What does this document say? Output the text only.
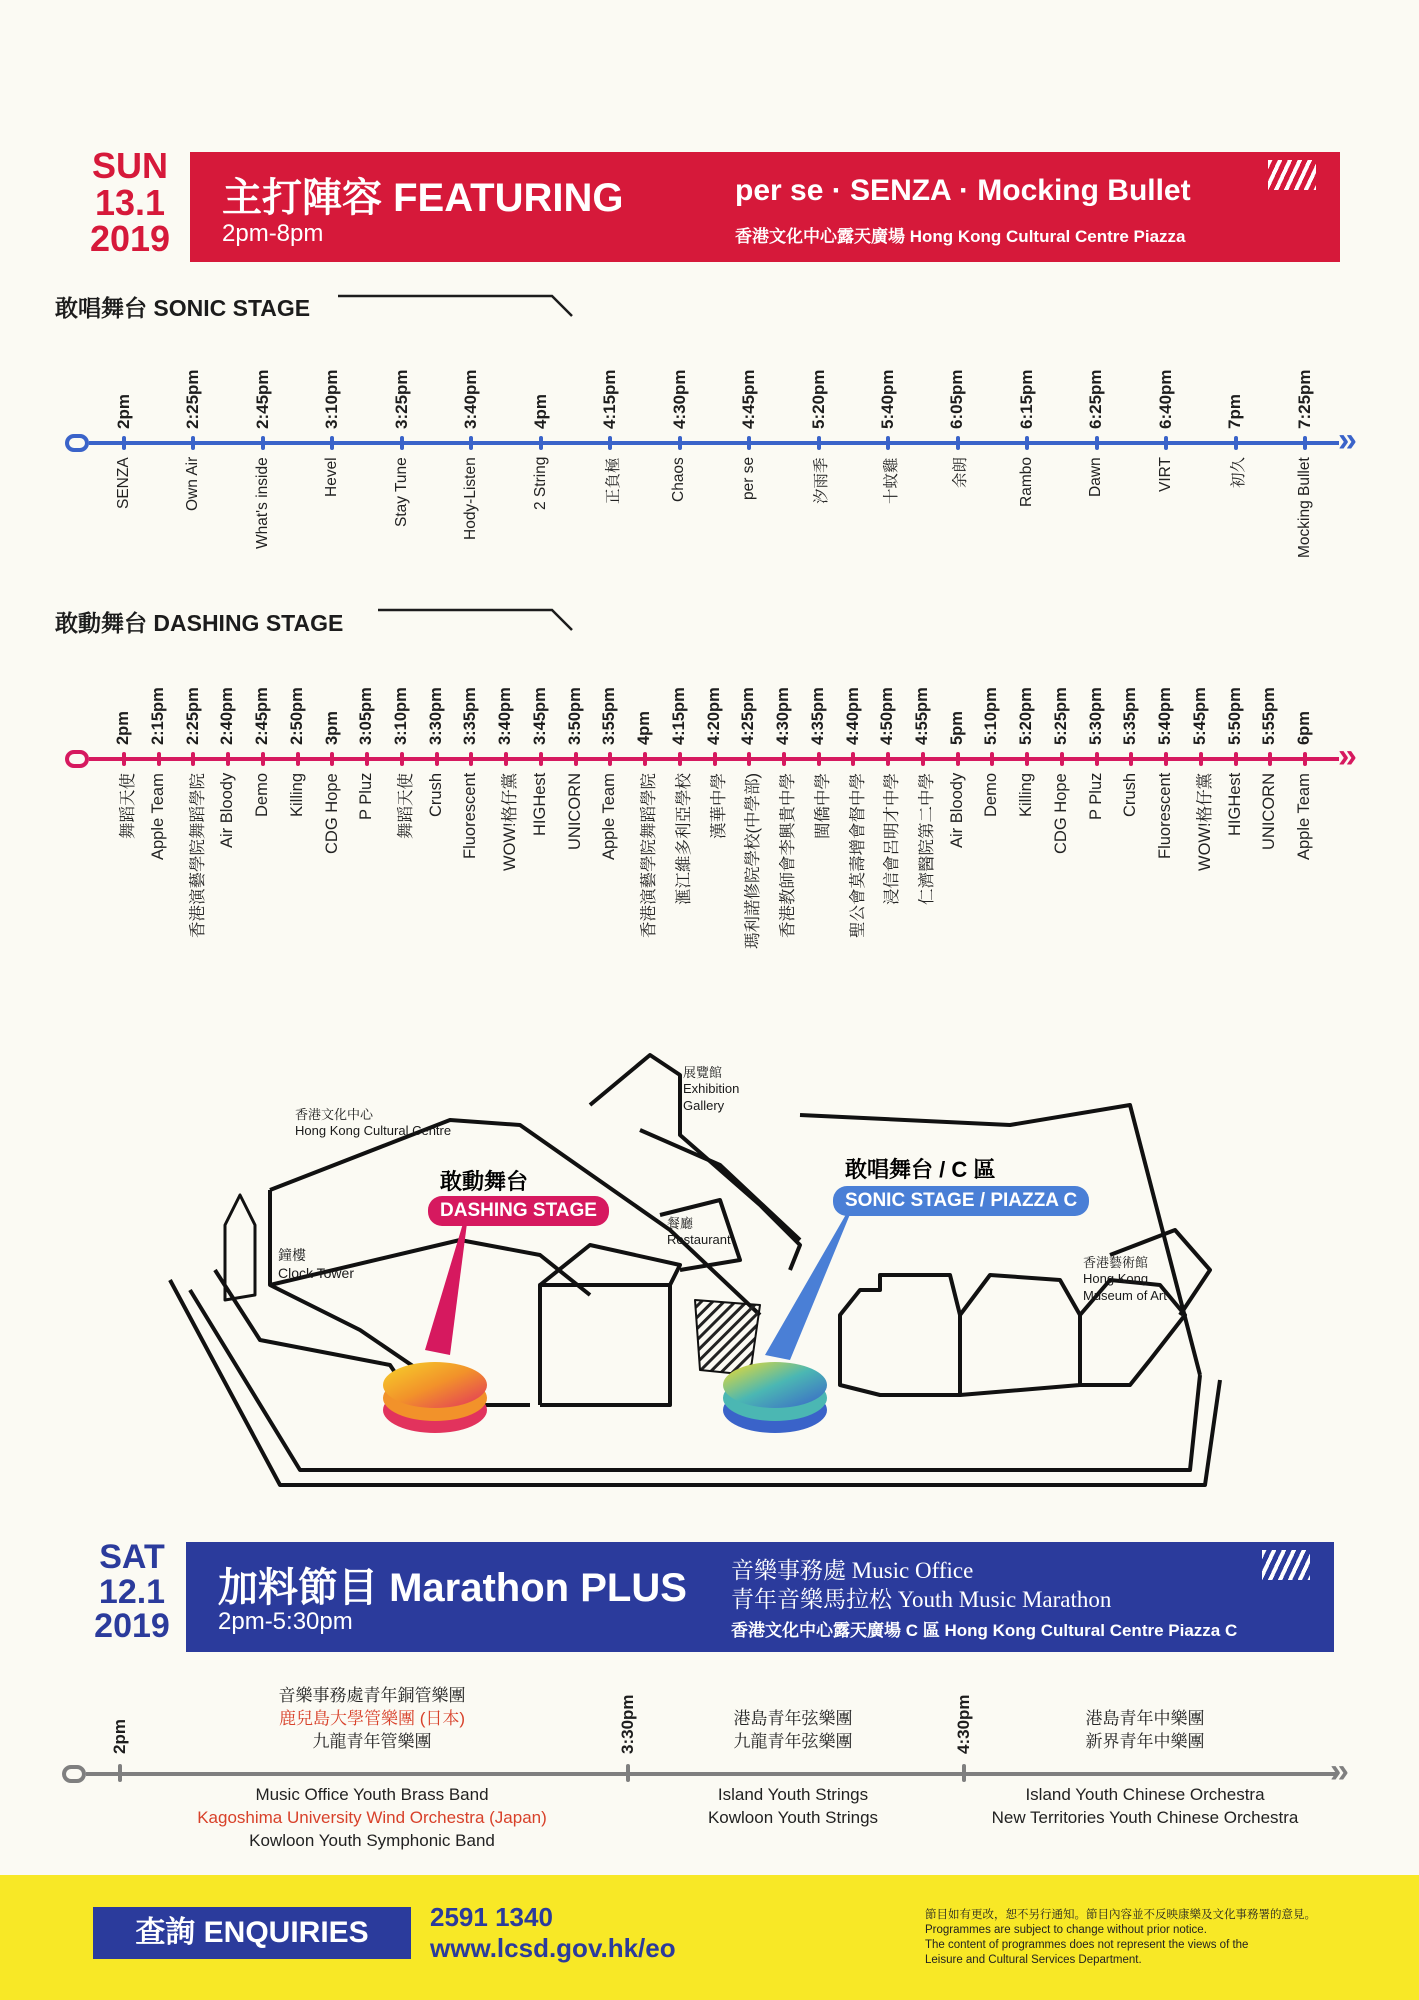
SUN
13.1
2019
主打陣容 FEATURING
2pm-8pm
per se · SENZA · Mocking Bullet
香港文化中心露天廣場 Hong Kong Cultural Centre Piazza
敢唱舞台 SONIC STAGE
»
2pm
SENZA
2:25pm
Own Air
2:45pm
What's inside
3:10pm
Hevel
3:25pm
Stay Tune
3:40pm
Hody-Listen
4pm
2 String
4:15pm
正負極
4:30pm
Chaos
4:45pm
per se
5:20pm
汐雨季
5:40pm
十蚊雞
6:05pm
余朗
6:15pm
Rambo
6:25pm
Dawn
6:40pm
VIRT
7pm
初久
7:25pm
Mocking Bullet
敢動舞台 DASHING STAGE
»
2pm
舞蹈天使
2:15pm
Apple Team
2:25pm
香港演藝學院舞蹈學院
2:40pm
Air Bloody
2:45pm
Demo
2:50pm
Killing
3pm
CDG Hope
3:05pm
P Pluz
3:10pm
舞蹈天使
3:30pm
Crush
3:35pm
Fluorescent
3:40pm
WOW!格仔黨
3:45pm
HIGHest
3:50pm
UNICORN
3:55pm
Apple Team
4pm
香港演藝學院舞蹈學院
4:15pm
滙江維多利亞學校
4:20pm
漢華中學
4:25pm
瑪利諾修院學校(中學部)
4:30pm
香港教師會李興貴中學
4:35pm
閩僑中學
4:40pm
聖公會莫壽增會督中學
4:50pm
浸信會呂明才中學
4:55pm
仁濟醫院第二中學
5pm
Air Bloody
5:10pm
Demo
5:20pm
Killing
5:25pm
CDG Hope
5:30pm
P Pluz
5:35pm
Crush
5:40pm
Fluorescent
5:45pm
WOW!格仔黨
5:50pm
HIGHest
5:55pm
UNICORN
6pm
Apple Team
香港文化中心
Hong Kong Cultural Centre
鐘樓
Clock Tower
展覽館
Exhibition
Gallery
餐廳
Restaurant
香港藝術館
Hong Kong
Museum of Art
敢動舞台
DASHING STAGE
敢唱舞台 / C 區
SONIC STAGE / PIAZZA C
SAT
12.1
2019
加料節目 Marathon PLUS
2pm-5:30pm
音樂事務處 Music Office
青年音樂馬拉松 Youth Music Marathon
香港文化中心露天廣場 C 區 Hong Kong Cultural Centre Piazza C
»
2pm
音樂事務處青年銅管樂團
鹿兒島大學管樂團 (日本)
九龍青年管樂團
Music Office Youth Brass Band
Kagoshima University Wind Orchestra (Japan)
Kowloon Youth Symphonic Band
3:30pm	港島青年弦樂團
九龍青年弦樂團
Island Youth Strings
Kowloon Youth Strings
4:30pm	港島青年中樂團
新界青年中樂團
Island Youth Chinese Orchestra
New Territories Youth Chinese Orchestra
查詢 ENQUIRIES	2591 1340
www.lcsd.gov.hk/eo
節目如有更改，恕不另行通知。節目內容並不反映康樂及文化事務署的意見。
Programmes are subject to change without prior notice.
The content of programmes does not represent the views of the
Leisure and Cultural Services Department.
